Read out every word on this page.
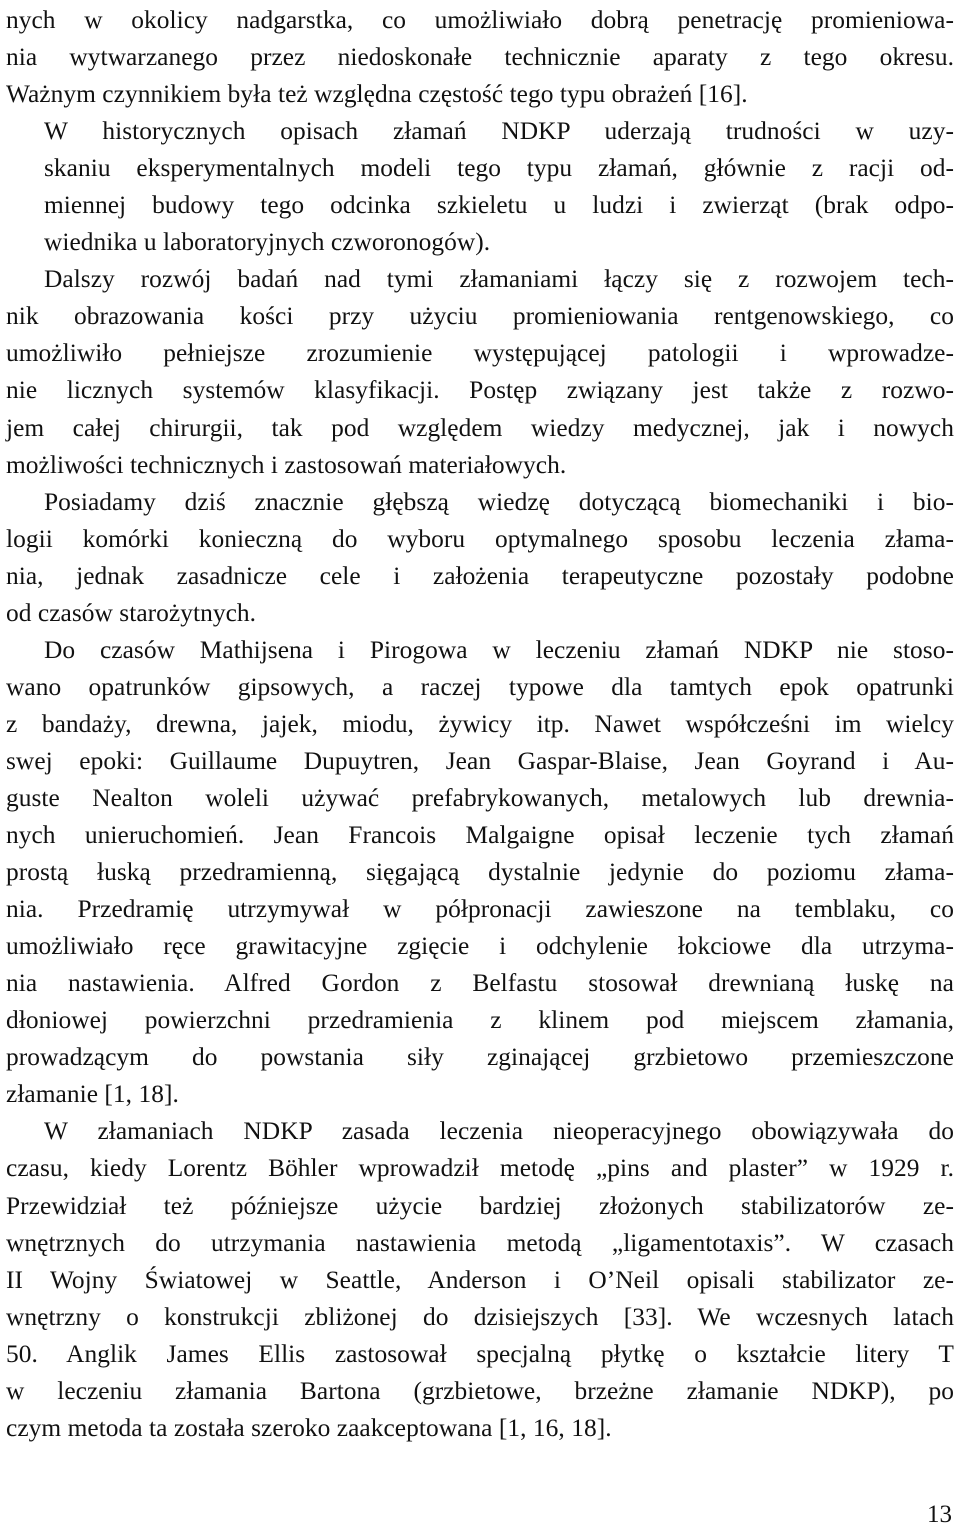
nych w okolicy nadgarstka, co umożliwiało dobrą penetrację promieniowa-
nia wytwarzanego przez niedoskonałe technicznie aparaty z tego okresu.
Ważnym czynnikiem była też względna częstość tego typu obrażeń [16].
W historycznych opisach złamań NDKP uderzają trudności w uzy-
skaniu eksperymentalnych modeli tego typu złamań, głównie z racji od-
miennej budowy tego odcinka szkieletu u ludzi i zwierząt (brak odpo-
wiednika u laboratoryjnych czworonogów).
Dalszy rozwój badań nad tymi złamaniami łączy się z rozwojem tech-
nik obrazowania kości przy użyciu promieniowania rentgenowskiego, co
umożliwiło pełniejsze zrozumienie występującej patologii i wprowadze-
nie licznych systemów klasyfikacji. Postęp związany jest także z rozwo-
jem całej chirurgii, tak pod względem wiedzy medycznej, jak i nowych
możliwości technicznych i zastosowań materiałowych.
Posiadamy dziś znacznie głębszą wiedzę dotyczącą biomechaniki i bio-
logii komórki konieczną do wyboru optymalnego sposobu leczenia złama-
nia, jednak zasadnicze cele i założenia terapeutyczne pozostały podobne
od czasów starożytnych.
Do czasów Mathijsena i Pirogowa w leczeniu złamań NDKP nie stoso-
wano opatrunków gipsowych, a raczej typowe dla tamtych epok opatrunki
z bandaży, drewna, jajek, miodu, żywicy itp. Nawet współcześni im wielcy
swej epoki: Guillaume Dupuytren, Jean Gaspar-Blaise, Jean Goyrand i Au-
guste Nealton woleli używać prefabrykowanych, metalowych lub drewnia-
nych unieruchomień. Jean Francois Malgaigne opisał leczenie tych złamań
prostą łuską przedramienną, sięgającą dystalnie jedynie do poziomu złama-
nia. Przedramię utrzymywał w półpronacji zawieszone na temblaku, co
umożliwiało ręce grawitacyjne zgięcie i odchylenie łokciowe dla utrzyma-
nia nastawienia. Alfred Gordon z Belfastu stosował drewnianą łuskę na
dłoniowej powierzchni przedramienia z klinem pod miejscem złamania,
prowadzącym do powstania siły zginającej grzbietowo przemieszczone
złamanie [1, 18].
W złamaniach NDKP zasada leczenia nieoperacyjnego obowiązywała do
czasu, kiedy Lorentz Böhler wprowadził metodę „pins and plaster” w 1929 r.
Przewidział też późniejsze użycie bardziej złożonych stabilizatorów ze-
wnętrznych do utrzymania nastawienia metodą „ligamentotaxis”. W czasach
II Wojny Światowej w Seattle, Anderson i O’Neil opisali stabilizator ze-
wnętrzny o konstrukcji zbliżonej do dzisiejszych [33]. We wczesnych latach
50. Anglik James Ellis zastosował specjalną płytkę o kształcie litery T
w leczeniu złamania Bartona (grzbietowe, brzeżne złamanie NDKP), po
czym metoda ta została szeroko zaakceptowana [1, 16, 18].
13
